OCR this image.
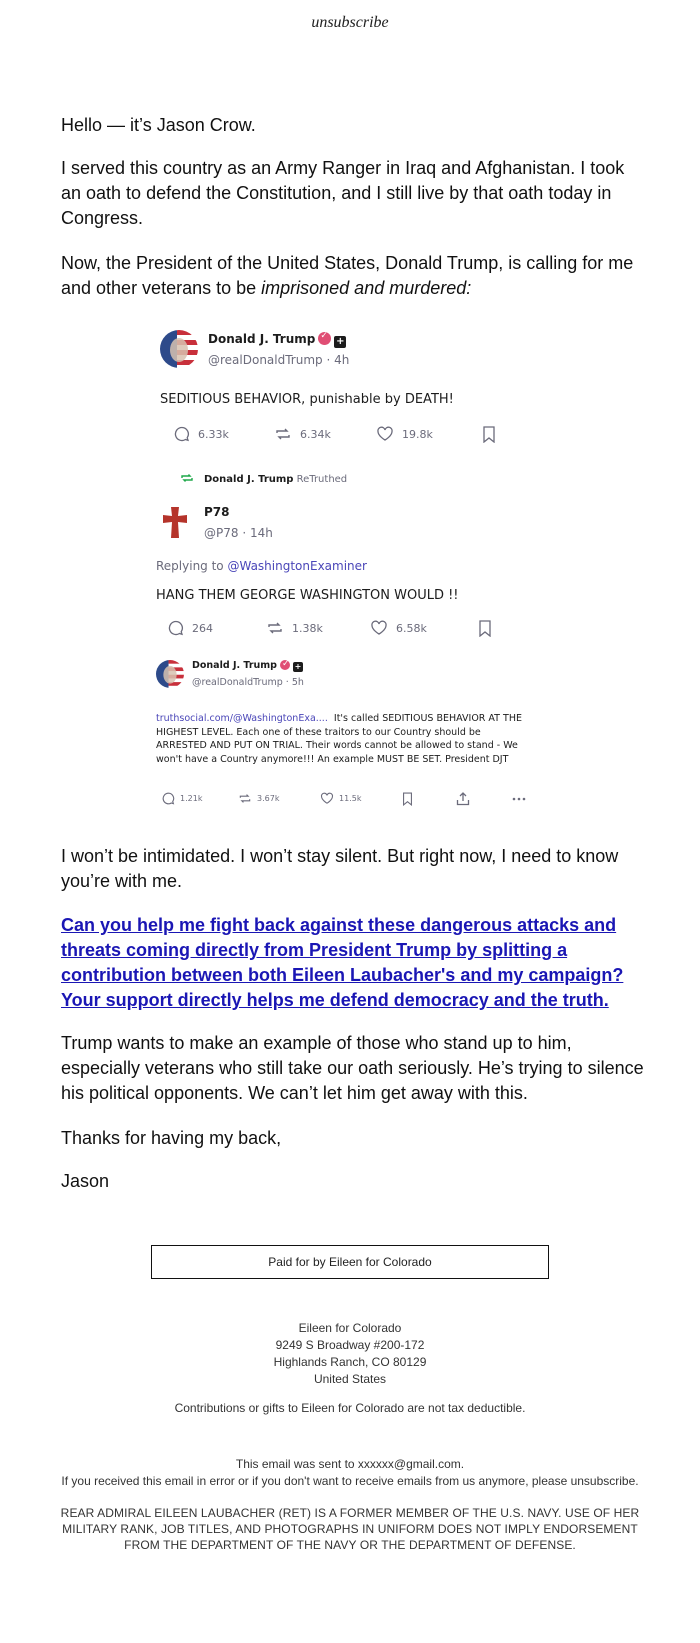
unsubscribe

Hello — it’s Jason Crow.

I served this country as an Army Ranger in Iraq and Afghanistan. I took an oath to defend the Constitution, and I still live by that oath today in Congress.

Now, the President of the United States, Donald Trump, is calling for me and other veterans to be imprisoned and murdered:

Donald J. Trump ✓ +
@realDonaldTrump · 4h
SEDITIOUS BEHAVIOR, punishable by DEATH!
6.33k	6.34k	19.8k
Donald J. Trump ReTruthed
P78
@P78 · 14h
Replying to @WashingtonExaminer
HANG THEM GEORGE WASHINGTON WOULD !!
264	1.38k	6.58k
Donald J. Trump ✓ +
@realDonaldTrump · 5h
truthsocial.com/@WashingtonExa.... It's called SEDITIOUS BEHAVIOR AT THE HIGHEST LEVEL. Each one of these traitors to our Country should be ARRESTED AND PUT ON TRIAL. Their words cannot be allowed to stand - We won't have a Country anymore!!! An example MUST BE SET. President DJT
1.21k	3.67k	11.5k

I won’t be intimidated. I won’t stay silent. But right now, I need to know you’re with me.

Can you help me fight back against these dangerous attacks and threats coming directly from President Trump by splitting a contribution between both Eileen Laubacher's and my campaign? Your support directly helps me defend democracy and the truth.

Trump wants to make an example of those who stand up to him, especially veterans who still take our oath seriously. He’s trying to silence his political opponents. We can’t let him get away with this.

Thanks for having my back,

Jason

Paid for by Eileen for Colorado
Eileen for Colorado
9249 S Broadway #200-172
Highlands Ranch, CO 80129
United States
Contributions or gifts to Eileen for Colorado are not tax deductible.
This email was sent to xxxxxx@gmail.com.
If you received this email in error or if you don't want to receive emails from us anymore, please unsubscribe.
REAR ADMIRAL EILEEN LAUBACHER (RET) IS A FORMER MEMBER OF THE U.S. NAVY. USE OF HER MILITARY RANK, JOB TITLES, AND PHOTOGRAPHS IN UNIFORM DOES NOT IMPLY ENDORSEMENT FROM THE DEPARTMENT OF THE NAVY OR THE DEPARTMENT OF DEFENSE.
